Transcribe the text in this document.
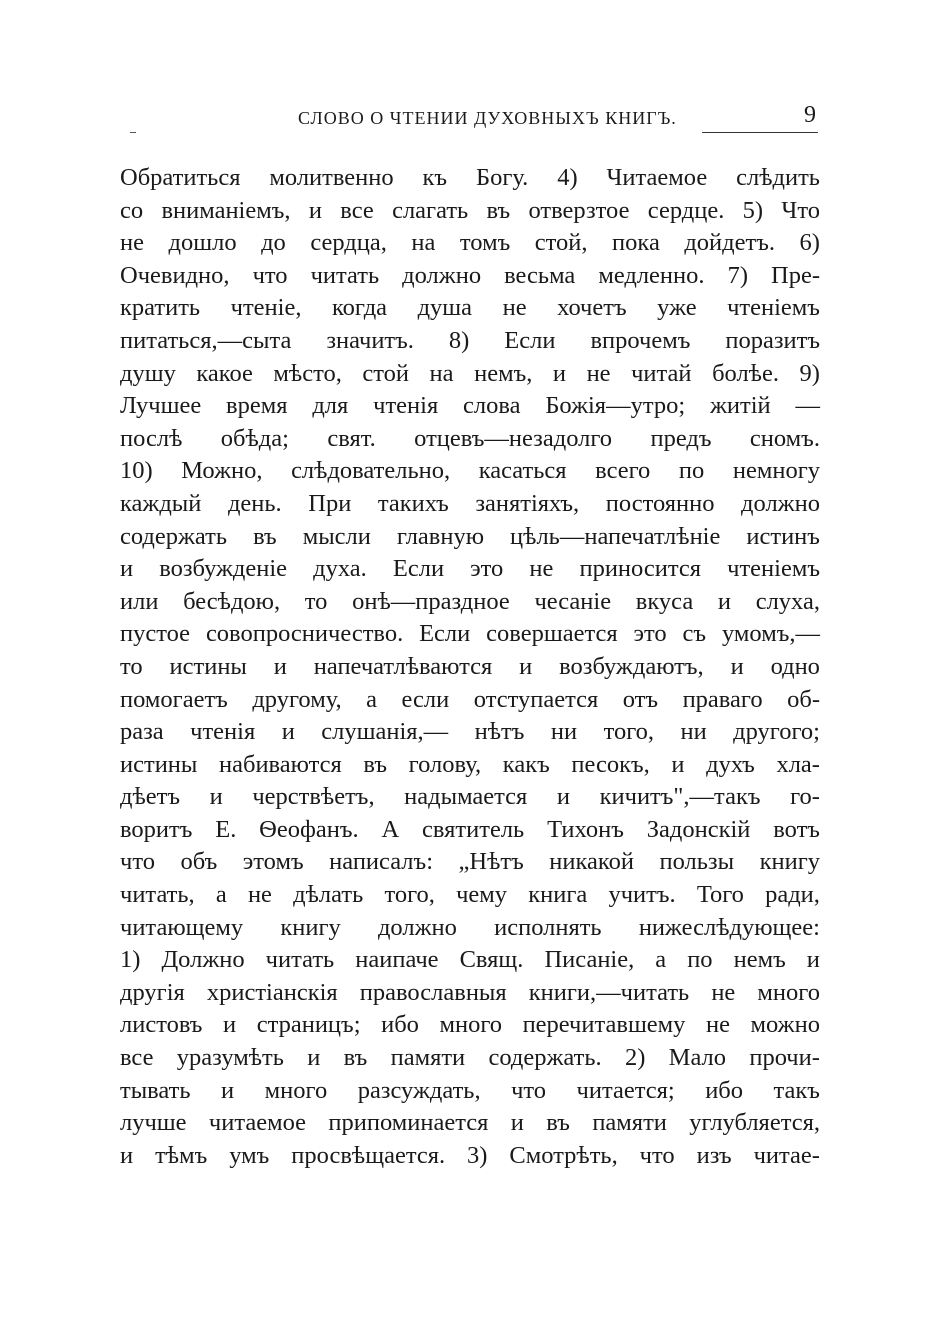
СЛОВО О ЧТЕНИИ ДУХОВНЫХЪ КНИГЪ.	9
Обратиться молитвенно къ Богу. 4) Читаемое слѣдить
со вниманіемъ, и все слагать въ отверзтое сердце. 5) Что
не дошло до сердца, на томъ стой, пока дойдетъ. 6)
Очевидно, что читать должно весьма медленно. 7) Пре-
кратить чтеніе, когда душа не хочетъ уже чтеніемъ
питаться,—сыта значитъ. 8) Если впрочемъ поразитъ
душу какое мѣсто, стой на немъ, и не читай болѣе. 9)
Лучшее время для чтенія слова Божія—утро; житій —
послѣ обѣда; свят. отцевъ—незадолго предъ сномъ.
10) Можно, слѣдовательно, касаться всего по немногу
каждый день. При такихъ занятіяхъ, постоянно должно
содержать въ мысли главную цѣль—напечатлѣніе истинъ
и возбужденіе духа. Если это не приносится чтеніемъ
или бесѣдою, то онѣ—праздное чесаніе вкуса и слуха,
пустое совопросничество. Если совершается это съ умомъ,—
то истины и напечатлѣваются и возбуждаютъ, и одно
помогаетъ другому, а если отступается отъ праваго об-
раза чтенія и слушанія,— нѣтъ ни того, ни другого;
истины набиваются въ голову, какъ песокъ, и духъ хла-
дѣетъ и черствѣетъ, надымается и кичитъ",—такъ го-
воритъ Е. Ѳеофанъ. А святитель Тихонъ Задонскій вотъ
что объ этомъ написалъ: „Нѣтъ никакой пользы книгу
читать, а не дѣлать того, чему книга учитъ. Того ради,
читающему книгу должно исполнять нижеслѣдующее:
1) Должно читать наипаче Свящ. Писаніе, а по немъ и
другія христіанскія православныя книги,—читать не много
листовъ и страницъ; ибо много перечитавшему не можно
все уразумѣть и въ памяти содержать. 2) Мало прочи-
тывать и много разсуждать, что читается; ибо такъ
лучше читаемое припоминается и въ памяти углубляется,
и тѣмъ умъ просвѣщается. 3) Смотрѣть, что изъ читае-
